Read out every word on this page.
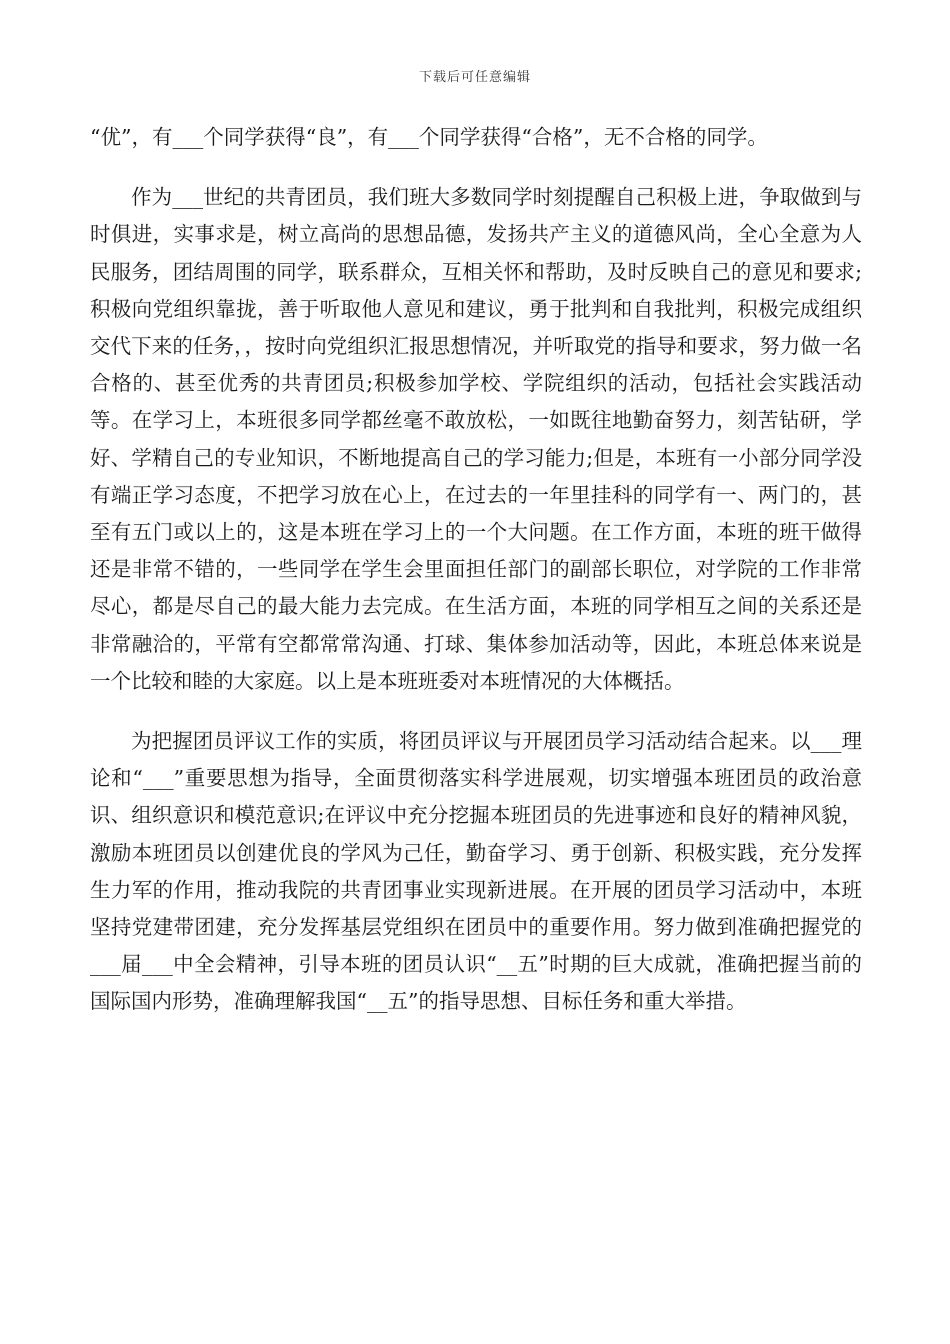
下载后可任意编辑

“优”，有___个同学获得“良”，有___个同学获得“合格”，无不合格的同学。

作为___世纪的共青团员，我们班大多数同学时刻提醒自己积极上进，争取做到与时俱进，实事求是，树立高尚的思想品德，发扬共产主义的道德风尚，全心全意为人民服务，团结周围的同学，联系群众，互相关怀和帮助，及时反映自己的意见和要求;积极向党组织靠拢，善于听取他人意见和建议，勇于批判和自我批判，积极完成组织交代下来的任务，，按时向党组织汇报思想情况，并听取党的指导和要求，努力做一名合格的、甚至优秀的共青团员;积极参加学校、学院组织的活动，包括社会实践活动等。在学习上，本班很多同学都丝毫不敢放松，一如既往地勤奋努力，刻苦钻研，学好、学精自己的专业知识，不断地提高自己的学习能力;但是，本班有一小部分同学没有端正学习态度，不把学习放在心上，在过去的一年里挂科的同学有一、两门的，甚至有五门或以上的，这是本班在学习上的一个大问题。在工作方面，本班的班干做得还是非常不错的，一些同学在学生会里面担任部门的副部长职位，对学院的工作非常尽心，都是尽自己的最大能力去完成。在生活方面，本班的同学相互之间的关系还是非常融洽的，平常有空都常常沟通、打球、集体参加活动等，因此，本班总体来说是一个比较和睦的大家庭。以上是本班班委对本班情况的大体概括。

为把握团员评议工作的实质，将团员评议与开展团员学习活动结合起来。以___理论和“___”重要思想为指导，全面贯彻落实科学进展观，切实增强本班团员的政治意识、组织意识和模范意识;在评议中充分挖掘本班团员的先进事迹和良好的精神风貌，激励本班团员以创建优良的学风为己任，勤奋学习、勇于创新、积极实践，充分发挥生力军的作用，推动我院的共青团事业实现新进展。在开展的团员学习活动中，本班坚持党建带团建，充分发挥基层党组织在团员中的重要作用。努力做到准确把握党的___届___中全会精神，引导本班的团员认识“__五”时期的巨大成就，准确把握当前的国际国内形势，准确理解我国“__五”的指导思想、目标任务和重大举措。
